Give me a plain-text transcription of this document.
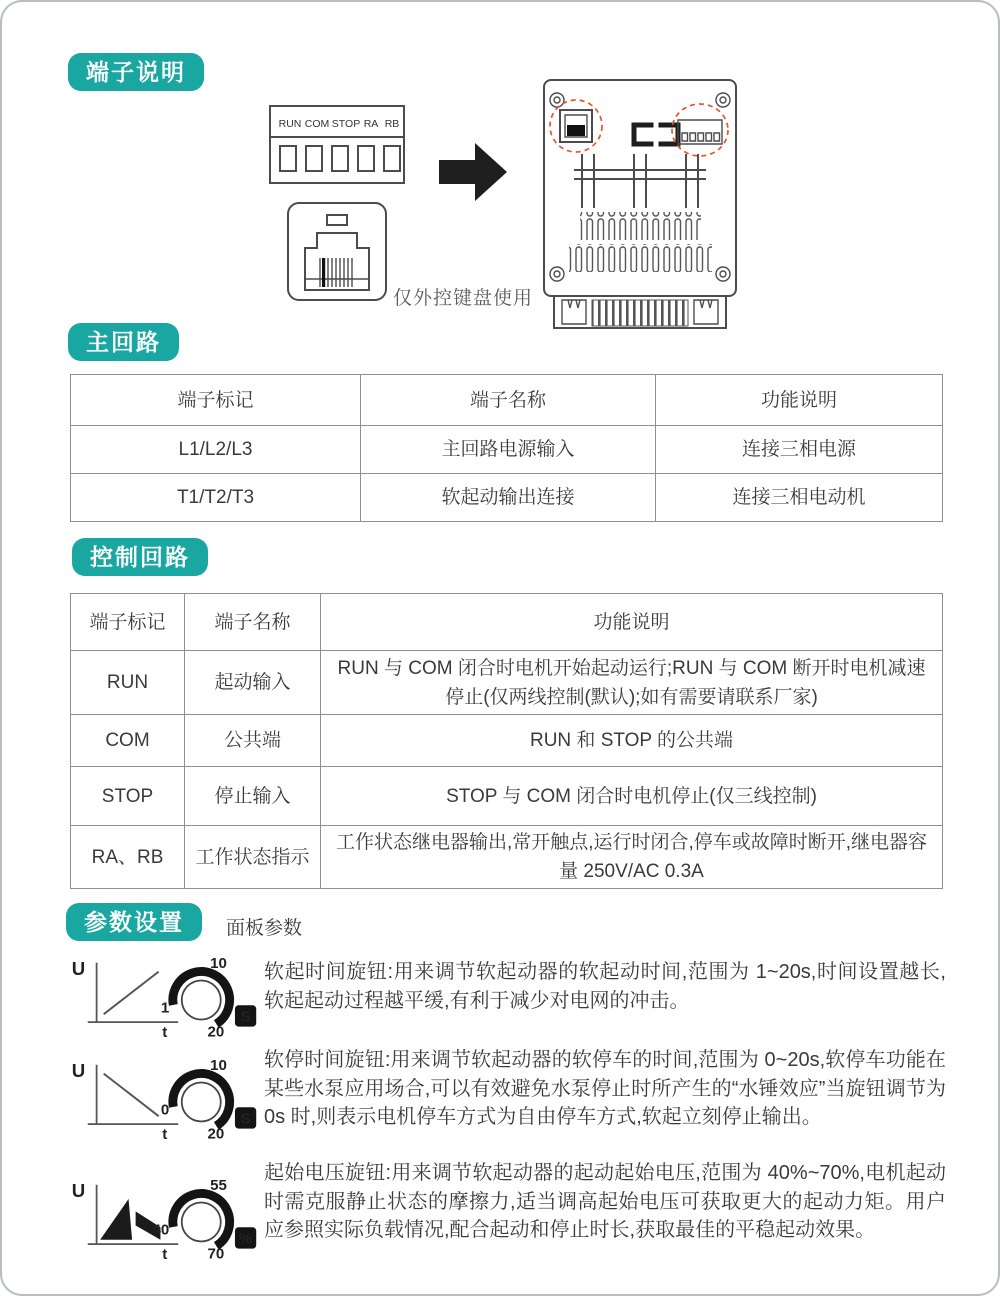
端子说明
主回路
控制回路
参数设置	面板参数
RUN COM STOP RA RB
仅外控键盘使用
端子标记	端子名称	功能说明
L1/L2/L3	主回路电源输入	连接三相电源
T1/T2/T3	软起动输出连接	连接三相电动机
端子标记	端子名称	功能说明
RUN	起动输入	RUN 与 COM 闭合时电机开始起动运行;RUN 与 COM 断开时电机减速停止(仅两线控制(默认);如有需要请联系厂家)
COM	公共端	RUN 和 STOP 的公共端
STOP	停止输入	STOP 与 COM 闭合时电机停止(仅三线控制)
RA、RB	工作状态指示	工作状态继电器输出,常开触点,运行时闭合,停车或故障时断开,继电器容量 250V/AC 0.3A
U
t
1
10
20
S
软起时间旋钮:用来调节软起动器的软起动时间,范围为 1~20s,时间设置越长,软起起动过程越平缓,有利于减少对电网的冲击。
U
t
0
10
20
S
软停时间旋钮:用来调节软起动器的软停车的时间,范围为 0~20s,软停车功能在某些水泵应用场合,可以有效避免水泵停止时所产生的“水锤效应”当旋钮调节为0s 时,则表示电机停车方式为自由停车方式,软起立刻停止输出。
U
t
40
55
70
%
起始电压旋钮:用来调节软起动器的起动起始电压,范围为 40%~70%,电机起动时需克服静止状态的摩擦力,适当调高起始电压可获取更大的起动力矩。用户应参照实际负载情况,配合起动和停止时长,获取最佳的平稳起动效果。
